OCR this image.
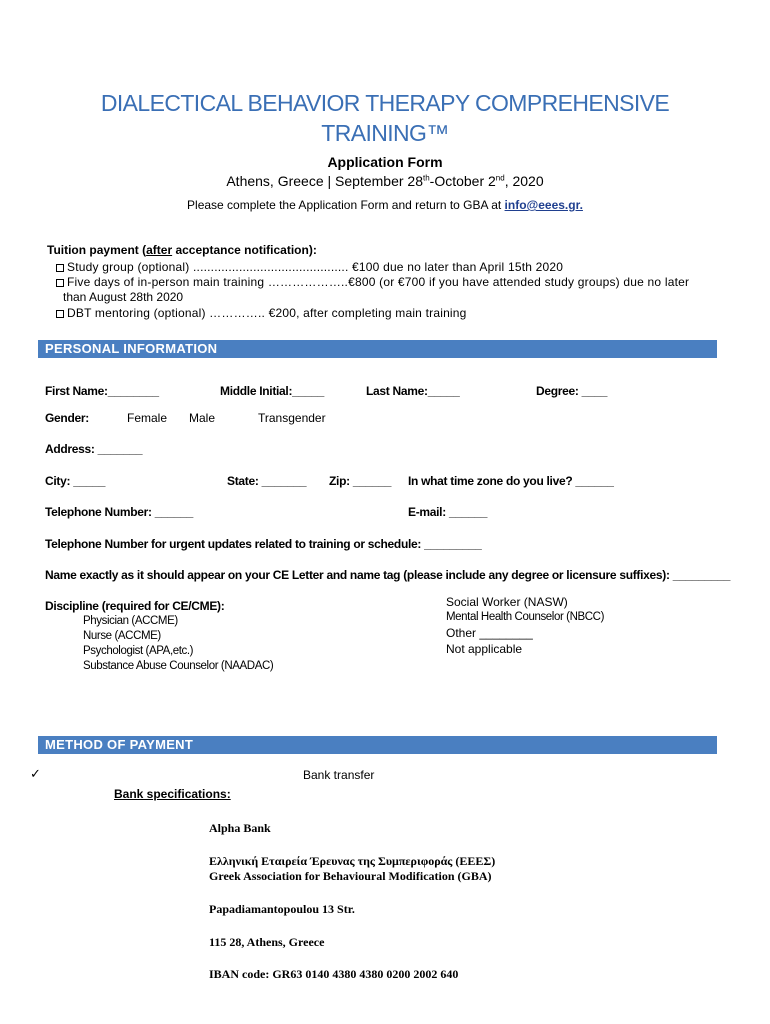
DIALECTICAL BEHAVIOR THERAPY COMPREHENSIVE
TRAINING™
Application Form
Athens, Greece | September 28th-October 2nd, 2020
Please complete the Application Form and return to GBA at info@eees.gr.
Tuition payment (after acceptance notification):
Study group (optional) ............................................ €100 due no later than April 15th 2020
Five days of in-person main training ………………..€800 (or €700 if you have attended study groups) due no later
than August 28th 2020
DBT mentoring (optional) ………….. €200, after completing main training
PERSONAL INFORMATION
First Name:________	Middle Initial:_____	Last Name:_____	Degree: ____
Gender:	Female Male	Transgender
Address: _______
City: _____	State: _______ Zip: ______ In what time zone do you live? ______
Telephone Number: ______	E-mail: ______
Telephone Number for urgent updates related to training or schedule: _________
Name exactly as it should appear on your CE Letter and name tag (please include any degree or licensure suffixes): _________
Discipline (required for CE/CME):
Physician (ACCME)
Nurse (ACCME)
Psychologist (APA,etc.)
Substance Abuse Counselor (NAADAC)
Social Worker (NASW)
Mental Health Counselor (NBCC)
Other ________
Not applicable
METHOD OF PAYMENT
✓	Bank transfer
Bank specifications:
Alpha Bank
Ελληνική Εταιρεία Έρευνας της Συμπεριφοράς (ΕΕΕΣ)
Greek Association for Behavioural Modification (GBA)
Papadiamantopoulou 13 Str.
115 28, Athens, Greece
IBAN code: GR63 0140 4380 4380 0200 2002 640
